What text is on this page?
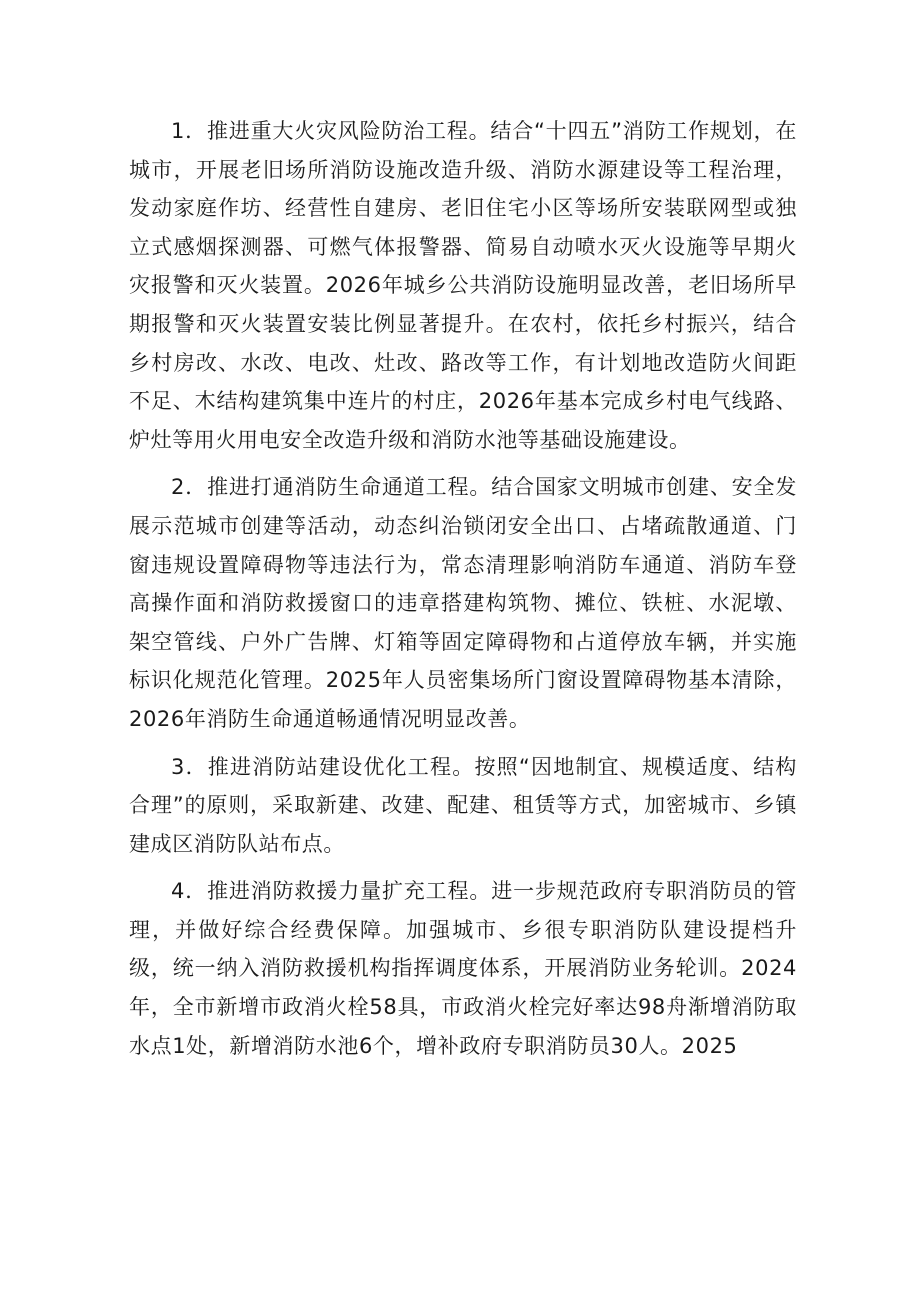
1．推进重大火灾风险防治工程。结合“十四五”消防工作规划，在城市，开展老旧场所消防设施改造升级、消防水源建设等工程治理，发动家庭作坊、经营性自建房、老旧住宅小区等场所安装联网型或独立式感烟探测器、可燃气体报警器、简易自动喷水灭火设施等早期火灾报警和灭火装置。2026年城乡公共消防设施明显改善，老旧场所早期报警和灭火装置安装比例显著提升。在农村，依托乡村振兴，结合乡村房改、水改、电改、灶改、路改等工作，有计划地改造防火间距不足、木结构建筑集中连片的村庄，2026年基本完成乡村电气线路、炉灶等用火用电安全改造升级和消防水池等基础设施建设。

2．推进打通消防生命通道工程。结合国家文明城市创建、安全发展示范城市创建等活动，动态纠治锁闭安全出口、占堵疏散通道、门窗违规设置障碍物等违法行为，常态清理影响消防车通道、消防车登高操作面和消防救援窗口的违章搭建构筑物、摊位、铁桩、水泥墩、架空管线、户外广告牌、灯箱等固定障碍物和占道停放车辆，并实施标识化规范化管理。2025年人员密集场所门窗设置障碍物基本清除，2026年消防生命通道畅通情况明显改善。

3．推进消防站建设优化工程。按照“因地制宜、规模适度、结构合理”的原则，采取新建、改建、配建、租赁等方式，加密城市、乡镇建成区消防队站布点。

4．推进消防救援力量扩充工程。进一步规范政府专职消防员的管理，并做好综合经费保障。加强城市、乡很专职消防队建设提档升级，统一纳入消防救援机构指挥调度体系，开展消防业务轮训。2024年，全市新增市政消火栓58具，市政消火栓完好率达98舟渐增消防取水点1处，新增消防水池6个，增补政府专职消防员30人。2025
